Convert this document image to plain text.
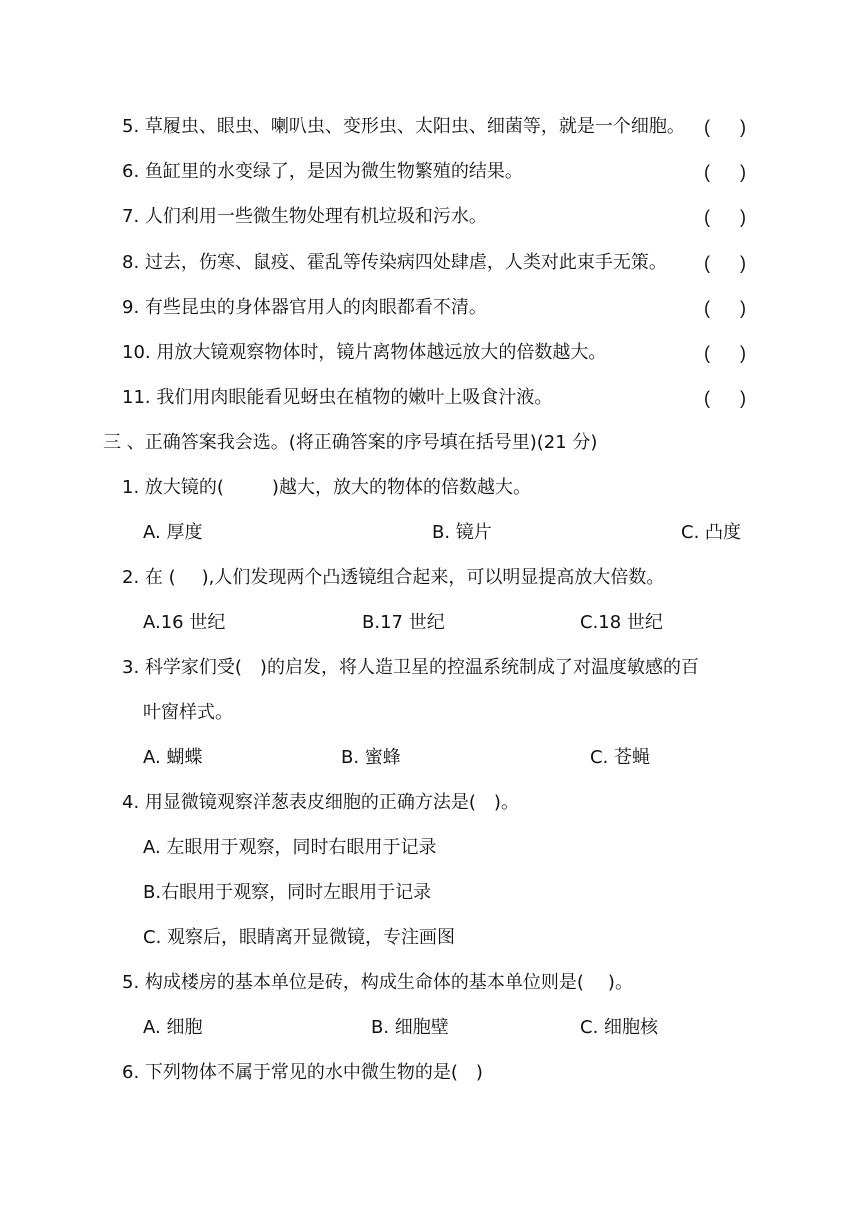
5. 草履虫、眼虫、喇叭虫、变形虫、太阳虫、细菌等，就是一个细胞。 ( )
6. 鱼缸里的水变绿了，是因为微生物繁殖的结果。	( )
7. 人们利用一些微生物处理有机垃圾和污水。	( )
8. 过去，伤寒、鼠疫、霍乱等传染病四处肆虐，人类对此束手无策。 ( )
9. 有些昆虫的身体器官用人的肉眼都看不清。	( )
10. 用放大镜观察物体时，镜片离物体越远放大的倍数越大。	( )
11. 我们用肉眼能看见蚜虫在植物的嫩叶上吸食汁液。	( )
三 、正确答案我会选。(将正确答案的序号填在括号里)(21 分)
1. 放大镜的(	)越大，放大的物体的倍数越大。
A. 厚度	B. 镜片	C. 凸度
2. 在 ( ),人们发现两个凸透镜组合起来，可以明显提高放大倍数。
A.16 世纪	B.17 世纪	C.18 世纪
3. 科学家们受( )的启发，将人造卫星的控温系统制成了对温度敏感的百
叶窗样式。
A. 蝴蝶	B. 蜜蜂	C. 苍蝇
4. 用显微镜观察洋葱表皮细胞的正确方法是( )。
A. 左眼用于观察，同时右眼用于记录
B.右眼用于观察，同时左眼用于记录
C. 观察后，眼睛离开显微镜，专注画图
5. 构成楼房的基本单位是砖，构成生命体的基本单位则是( )。
A. 细胞	B. 细胞壁	C. 细胞核
6. 下列物体不属于常见的水中微生物的是( )
